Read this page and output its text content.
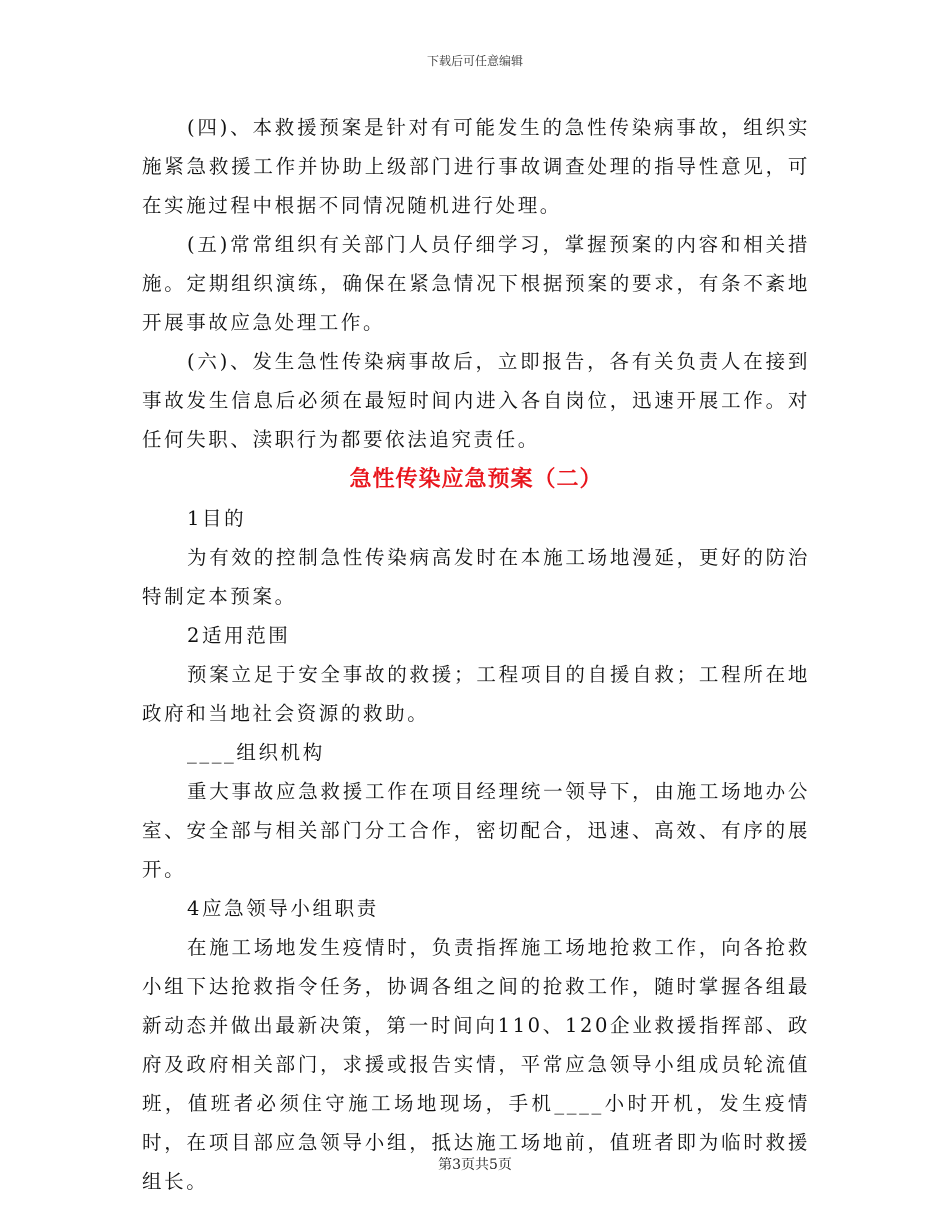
下载后可任意编辑

(四)、本救援预案是针对有可能发生的急性传染病事故，组织实施紧急救援工作并协助上级部门进行事故调查处理的指导性意见，可在实施过程中根据不同情况随机进行处理。

(五)常常组织有关部门人员仔细学习，掌握预案的内容和相关措施。定期组织演练，确保在紧急情况下根据预案的要求，有条不紊地开展事故应急处理工作。

(六)、发生急性传染病事故后，立即报告，各有关负责人在接到事故发生信息后必须在最短时间内进入各自岗位，迅速开展工作。对任何失职、渎职行为都要依法追究责任。

急性传染应急预案（二）

1目的

为有效的控制急性传染病高发时在本施工场地漫延，更好的防治特制定本预案。

2适用范围

预案立足于安全事故的救援；工程项目的自援自救；工程所在地政府和当地社会资源的救助。

____组织机构

重大事故应急救援工作在项目经理统一领导下，由施工场地办公室、安全部与相关部门分工合作，密切配合，迅速、高效、有序的展开。

4应急领导小组职责

在施工场地发生疫情时，负责指挥施工场地抢救工作，向各抢救小组下达抢救指令任务，协调各组之间的抢救工作，随时掌握各组最新动态并做出最新决策，第一时间向110、120企业救援指挥部、政府及政府相关部门，求援或报告实情，平常应急领导小组成员轮流值班，值班者必须住守施工场地现场，手机____小时开机，发生疫情时，在项目部应急领导小组，抵达施工场地前，值班者即为临时救援组长。

第3页共5页
